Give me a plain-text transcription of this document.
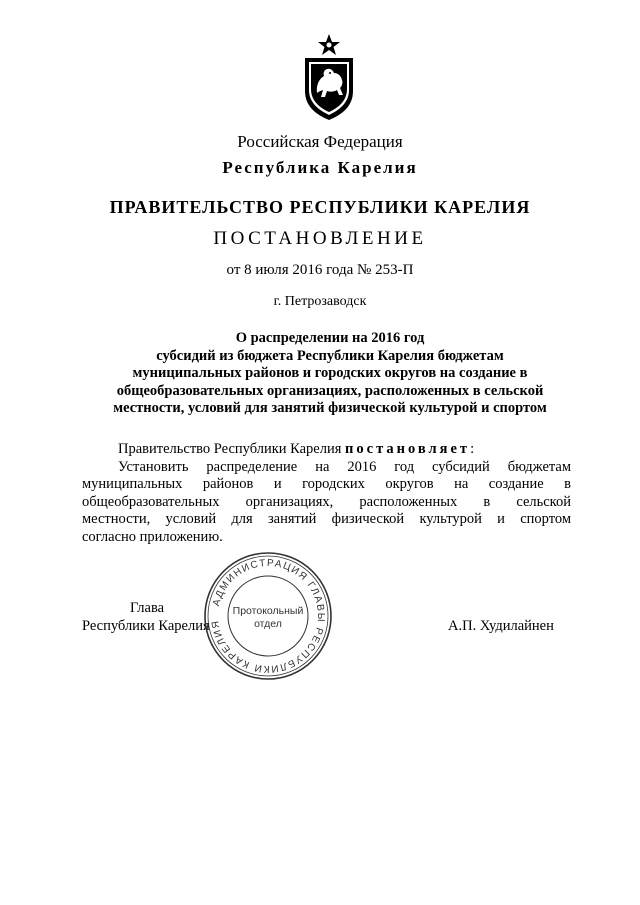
Российская Федерация
Республика Карелия
ПРАВИТЕЛЬСТВО РЕСПУБЛИКИ КАРЕЛИЯ
ПОСТАНОВЛЕНИЕ
от 8 июля 2016 года № 253-П
г. Петрозаводск
О распределении на 2016 год
субсидий из бюджета Республики Карелия бюджетам
муниципальных районов и городских округов на создание в
общеобразовательных организациях, расположенных в сельской
местности, условий для занятий физической культурой и спортом
Правительство Республики Карелия постановляет:
Установить распределение на 2016 год субсидий бюджетам
муниципальных районов и городских округов на создание в
общеобразовательных организациях, расположенных в сельской
местности, условий для занятий физической культурой и спортом
согласно приложению.
Глава
Республики Карелия	А.П. Худилайнен
АДМИНИСТРАЦИЯ ГЛАВЫ РЕСПУБЛИКИ КАРЕЛИЯ
Протокольный
отдел
